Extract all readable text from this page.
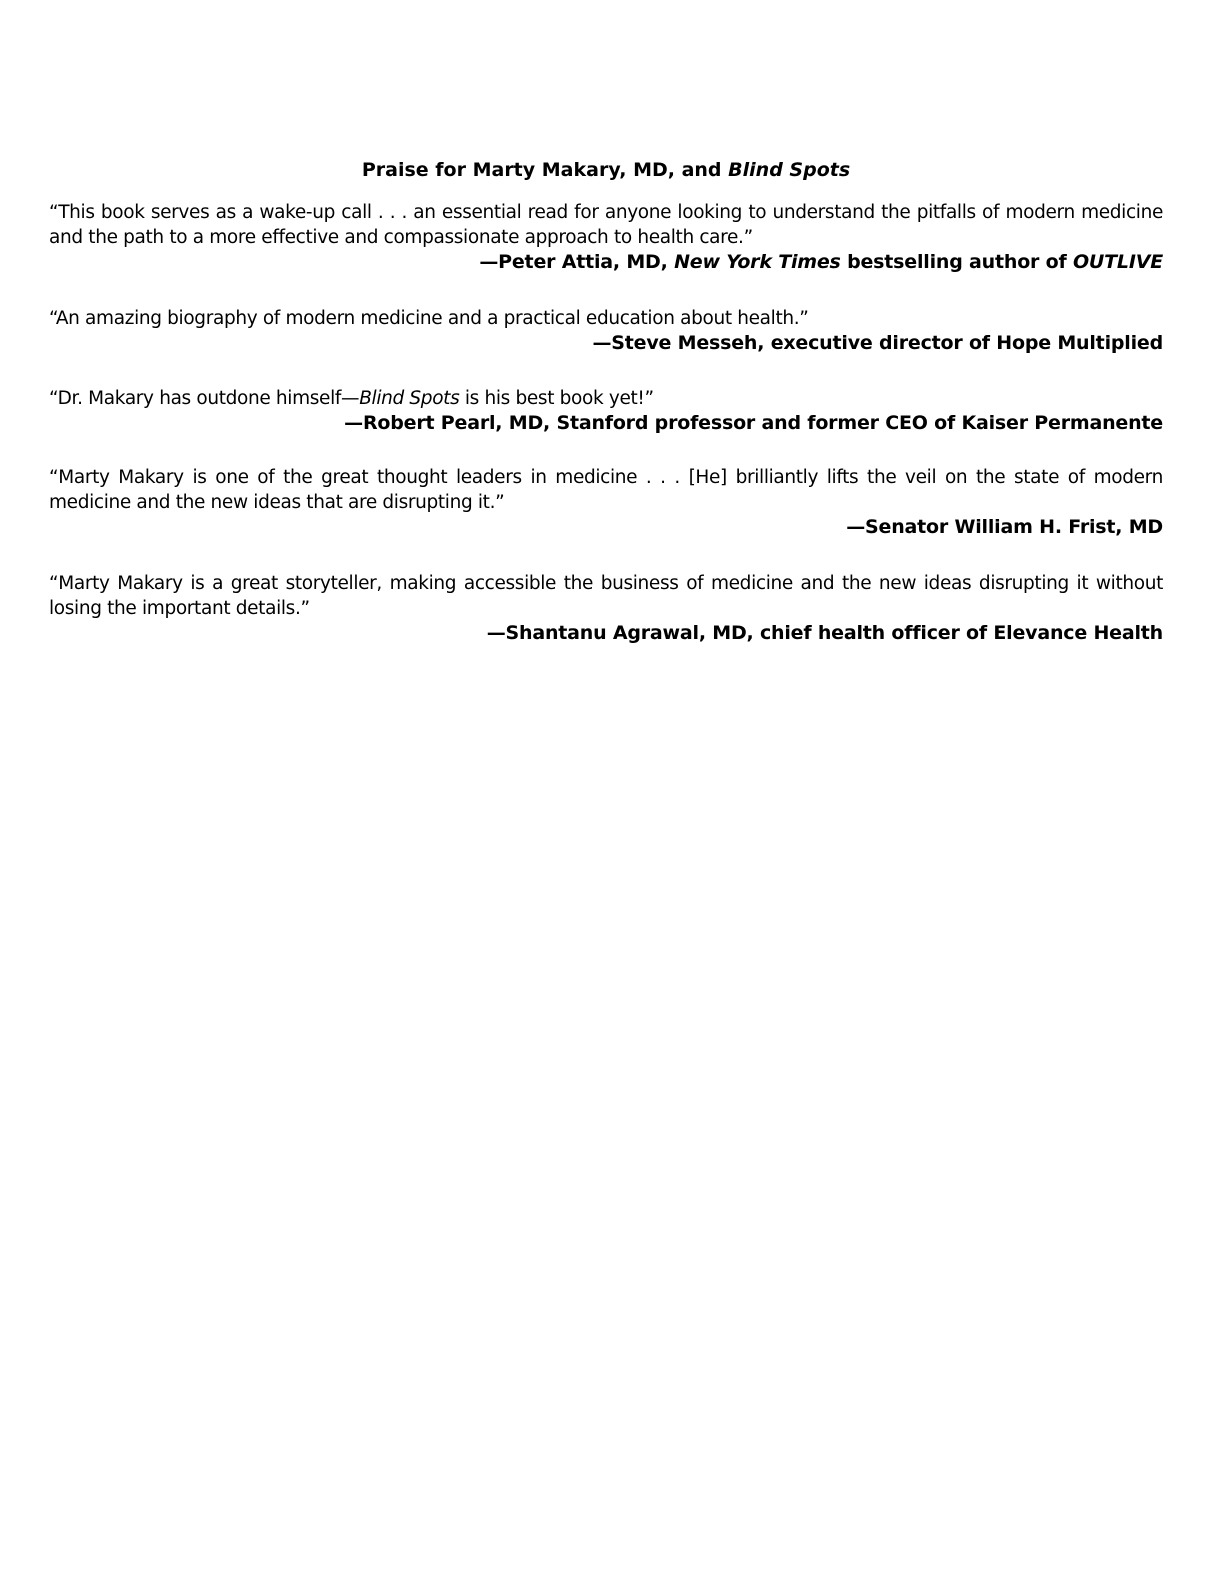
Praise for Marty Makary, MD, and Blind Spots

“This book serves as a wake-up call . . . an essential read for anyone looking to understand the pitfalls of modern medicine and the path to a more effective and compassionate approach to health care.”

—Peter Attia, MD, New York Times bestselling author of OUTLIVE

“An amazing biography of modern medicine and a practical education about health.”

—Steve Messeh, executive director of Hope Multiplied

“Dr. Makary has outdone himself—Blind Spots is his best book yet!”

—Robert Pearl, MD, Stanford professor and former CEO of Kaiser Permanente

“Marty Makary is one of the great thought leaders in medicine . . . [He] brilliantly lifts the veil on the state of modern medicine and the new ideas that are disrupting it.”

—Senator William H. Frist, MD

“Marty Makary is a great storyteller, making accessible the business of medicine and the new ideas disrupting it without losing the important details.”

—Shantanu Agrawal, MD, chief health officer of Elevance Health
